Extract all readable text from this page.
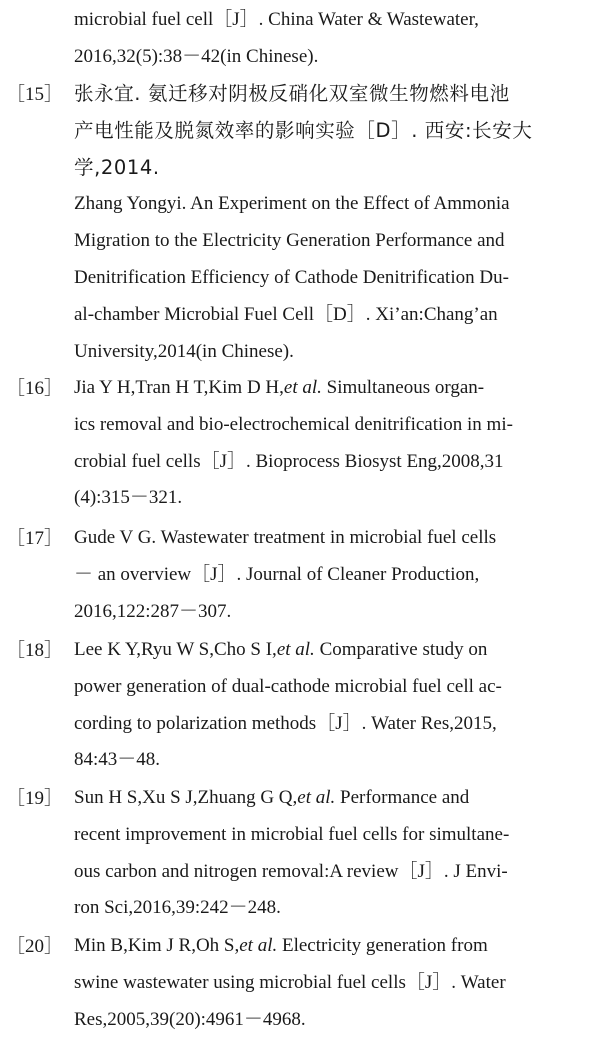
microbial fuel cell［J］. China Water & Wastewater,
2016,32(5):38－42(in Chinese).
［15］ 张永宜. 氨迁移对阴极反硝化双室微生物燃料电池
产电性能及脱氮效率的影响实验［D］. 西安:长安大
学,2014.
Zhang Yongyi. An Experiment on the Effect of Ammonia
Migration to the Electricity Generation Performance and
Denitrification Efficiency of Cathode Denitrification Du-
al-chamber Microbial Fuel Cell［D］. Xi’an:Chang’an
University,2014(in Chinese).
［16］ Jia Y H,Tran H T,Kim D H,et al. Simultaneous organ-
ics removal and bio-electrochemical denitrification in mi-
crobial fuel cells［J］. Bioprocess Biosyst Eng,2008,31
(4):315－321.
［17］ Gude V G. Wastewater treatment in microbial fuel cells
－ an overview［J］. Journal of Cleaner Production,
2016,122:287－307.
［18］ Lee K Y,Ryu W S,Cho S I,et al. Comparative study on
power generation of dual-cathode microbial fuel cell ac-
cording to polarization methods［J］. Water Res,2015,
84:43－48.
［19］ Sun H S,Xu S J,Zhuang G Q,et al. Performance and
recent improvement in microbial fuel cells for simultane-
ous carbon and nitrogen removal:A review［J］. J Envi-
ron Sci,2016,39:242－248.
［20］ Min B,Kim J R,Oh S,et al. Electricity generation from
swine wastewater using microbial fuel cells［J］. Water
Res,2005,39(20):4961－4968.
